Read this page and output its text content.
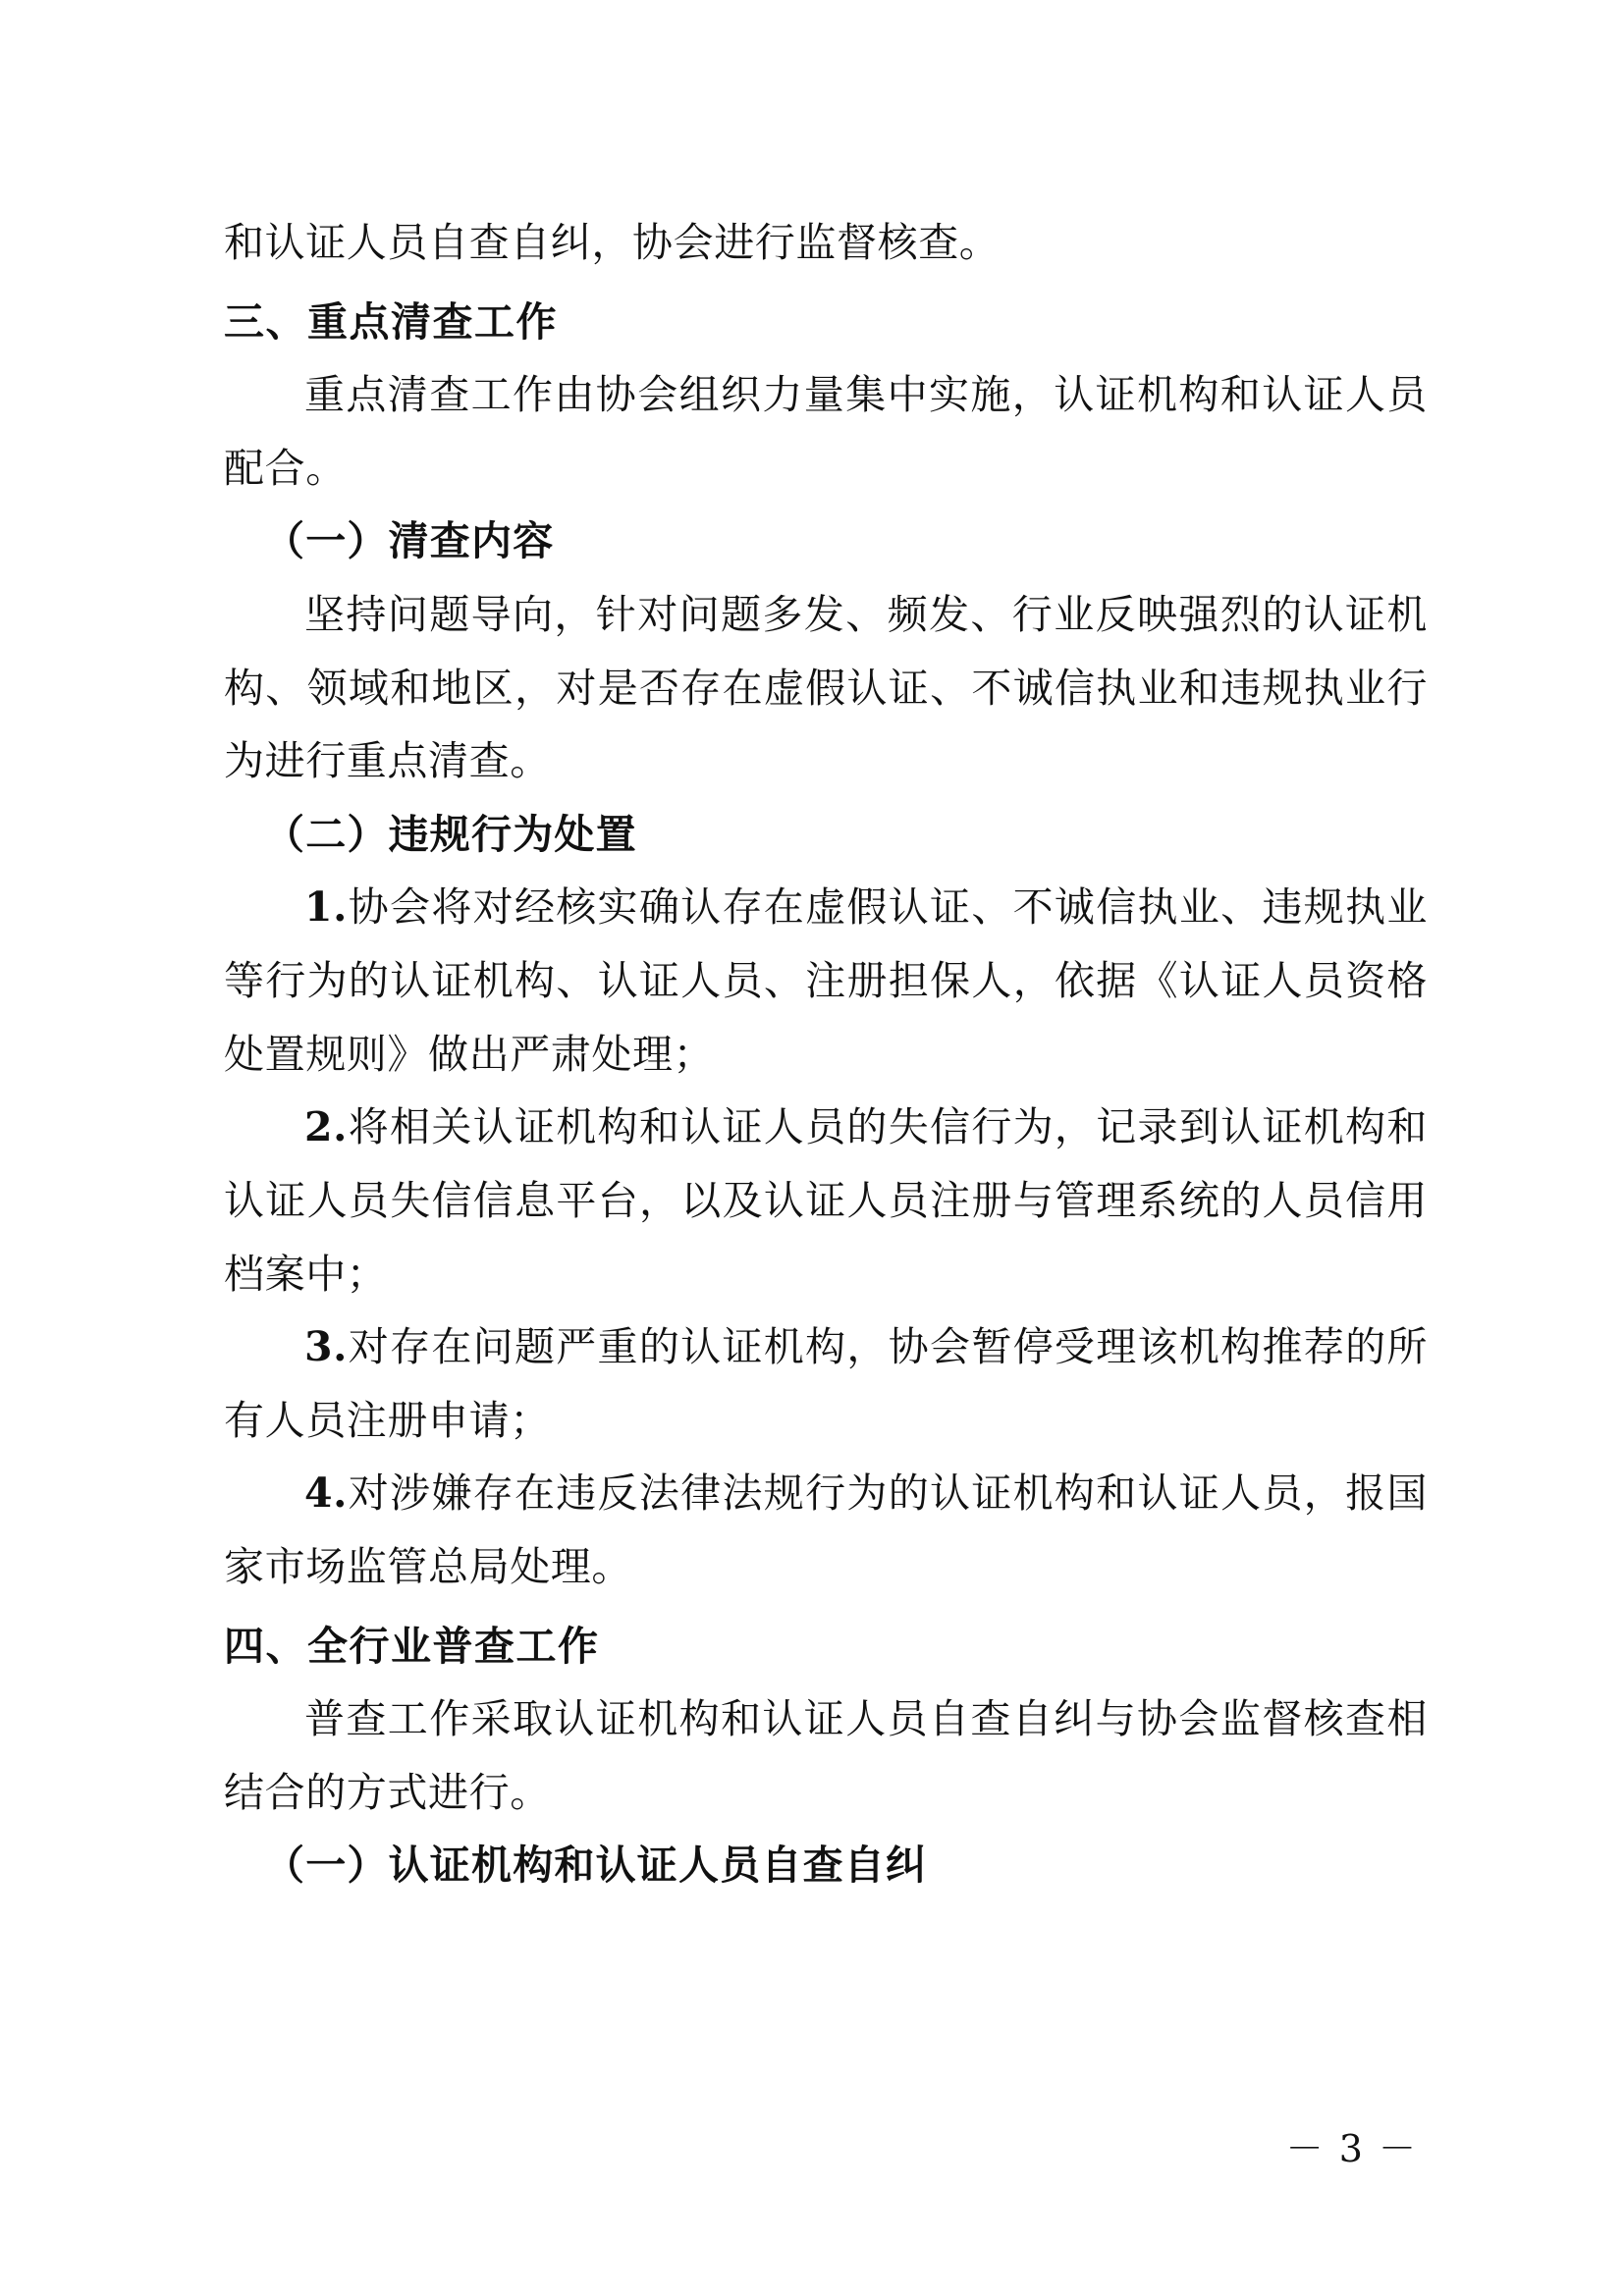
和认证人员自查自纠，协会进行监督核查。

三、重点清查工作

重点清查工作由协会组织力量集中实施，认证机构和认证人员配合。

（一）清查内容

坚持问题导向，针对问题多发、频发、行业反映强烈的认证机构、领域和地区，对是否存在虚假认证、不诚信执业和违规执业行为进行重点清查。

（二）违规行为处置

1.协会将对经核实确认存在虚假认证、不诚信执业、违规执业等行为的认证机构、认证人员、注册担保人，依据《认证人员资格处置规则》做出严肃处理；

2.将相关认证机构和认证人员的失信行为，记录到认证机构和认证人员失信信息平台，以及认证人员注册与管理系统的人员信用档案中；

3.对存在问题严重的认证机构，协会暂停受理该机构推荐的所有人员注册申请；

4.对涉嫌存在违反法律法规行为的认证机构和认证人员，报国家市场监管总局处理。

四、全行业普查工作

普查工作采取认证机构和认证人员自查自纠与协会监督核查相结合的方式进行。

（一）认证机构和认证人员自查自纠

－ 3 －
